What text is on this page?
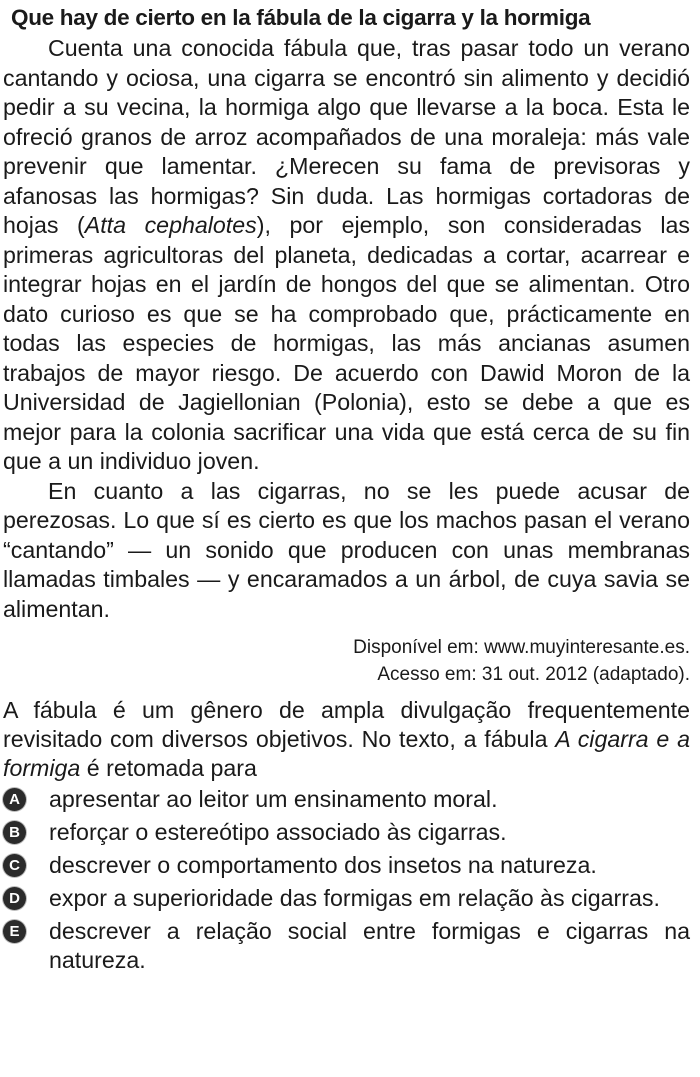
Que hay de cierto en la fábula de la cigarra y la hormiga

Cuenta una conocida fábula que, tras pasar todo un verano cantando y ociosa, una cigarra se encontró sin alimento y decidió pedir a su vecina, la hormiga algo que llevarse a la boca. Esta le ofreció granos de arroz acompañados de una moraleja: más vale prevenir que lamentar. ¿Merecen su fama de previsoras y afanosas las hormigas? Sin duda. Las hormigas cortadoras de hojas (Atta cephalotes), por ejemplo, son consideradas las primeras agricultoras del planeta, dedicadas a cortar, acarrear e integrar hojas en el jardín de hongos del que se alimentan. Otro dato curioso es que se ha comprobado que, prácticamente en todas las especies de hormigas, las más ancianas asumen trabajos de mayor riesgo. De acuerdo con Dawid Moron de la Universidad de Jagiellonian (Polonia), esto se debe a que es mejor para la colonia sacrificar una vida que está cerca de su fin que a un individuo joven.

En cuanto a las cigarras, no se les puede acusar de perezosas. Lo que sí es cierto es que los machos pasan el verano “cantando” — un sonido que producen con unas membranas llamadas timbales — y encaramados a un árbol, de cuya savia se alimentan.

Disponível em: www.muyinteresante.es.
Acesso em: 31 out. 2012 (adaptado).

A fábula é um gênero de ampla divulgação frequentemente revisitado com diversos objetivos. No texto, a fábula A cigarra e a formiga é retomada para

A apresentar ao leitor um ensinamento moral.
B reforçar o estereótipo associado às cigarras.
C descrever o comportamento dos insetos na natureza.
D expor a superioridade das formigas em relação às cigarras.
E descrever a relação social entre formigas e cigarras na natureza.
